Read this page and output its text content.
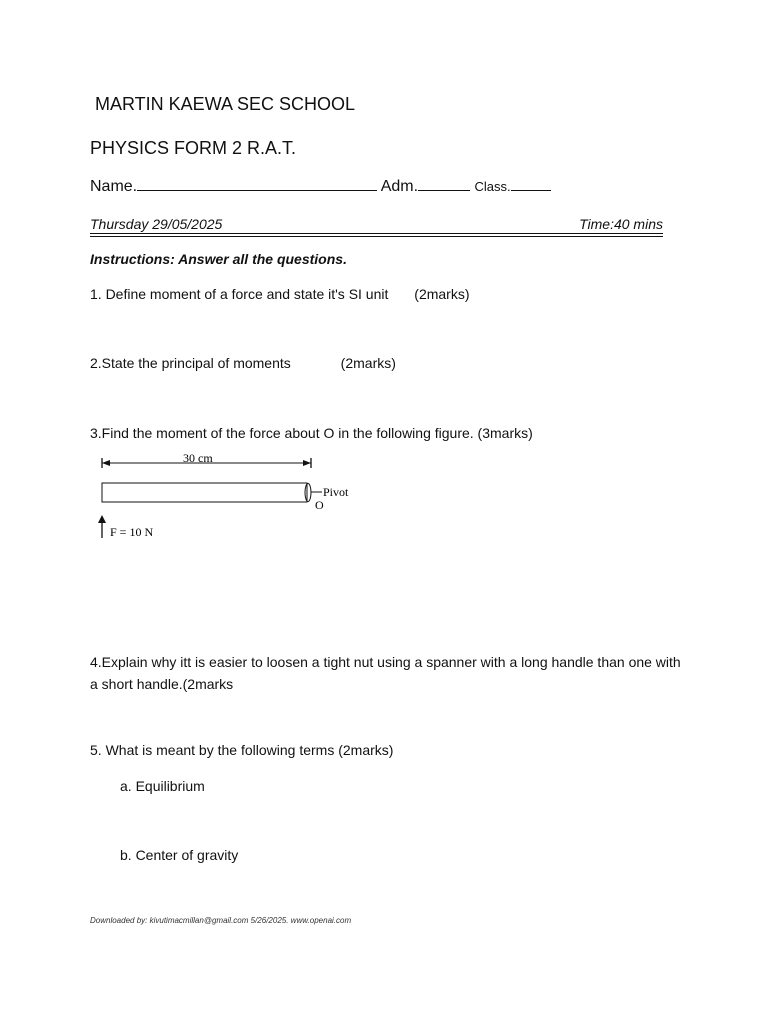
MARTIN KAEWA SEC SCHOOL
PHYSICS FORM 2 R.A.T.
Name.	Adm.	Class.
Thursday 29/05/2025	Time:40 mins
Instructions: Answer all the questions.
1. Define moment of a force and state it's SI unit (2marks)
2.State the principal of moments	(2marks)
3.Find the moment of the force about O in the following figure. (3marks)
30 cm
Pivot
O
F = 10 N
4.Explain why itt is easier to loosen a tight nut using a spanner with a long handle than one with a short handle.(2marks
5. What is meant by the following terms (2marks)
a. Equilibrium
b. Center of gravity
Downloaded by: kivutimacmillan@gmail.com 5/26/2025. www.openai.com
